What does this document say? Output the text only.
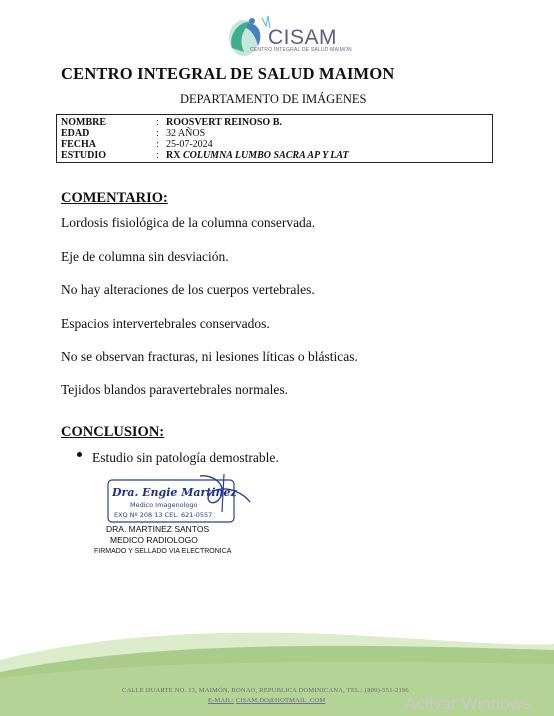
CISAM
CENTRO INTEGRAL DE SALUD MAIMON
CENTRO INTEGRAL DE SALUD MAIMON
DEPARTAMENTO DE IMÁGENES
NOMBRE	: ROOSVERT REINOSO B.
EDAD	: 32 AÑOS
FECHA	: 25-07-2024
ESTUDIO	: RX COLUMNA LUMBO SACRA AP Y LAT
COMENTARIO:
Lordosis fisiológica de la columna conservada.
Eje de columna sin desviación.
No hay alteraciones de los cuerpos vertebrales.
Espacios intervertebrales conservados.
No se observan fracturas, ni lesiones líticas o blásticas.
Tejidos blandos paravertebrales normales.
CONCLUSION:
Estudio sin patología demostrable.
Dra. Engie Martinez
Medico Imagenologo
EXQ Nº 208 13 CEL. 621-0557
DRA. MARTINEZ SANTOS
MEDICO RADIOLOGO
FIRMADO Y SELLADO VIA ELECTRONICA
CALLE DUARTE NO. 13, MAIMÓN, BONAO, REPUBLICA DOMINICANA, TEL.: (809)-551-2196
E-MAIL: CISAM.DO@HOTMAIL .COM	Activar Windows
